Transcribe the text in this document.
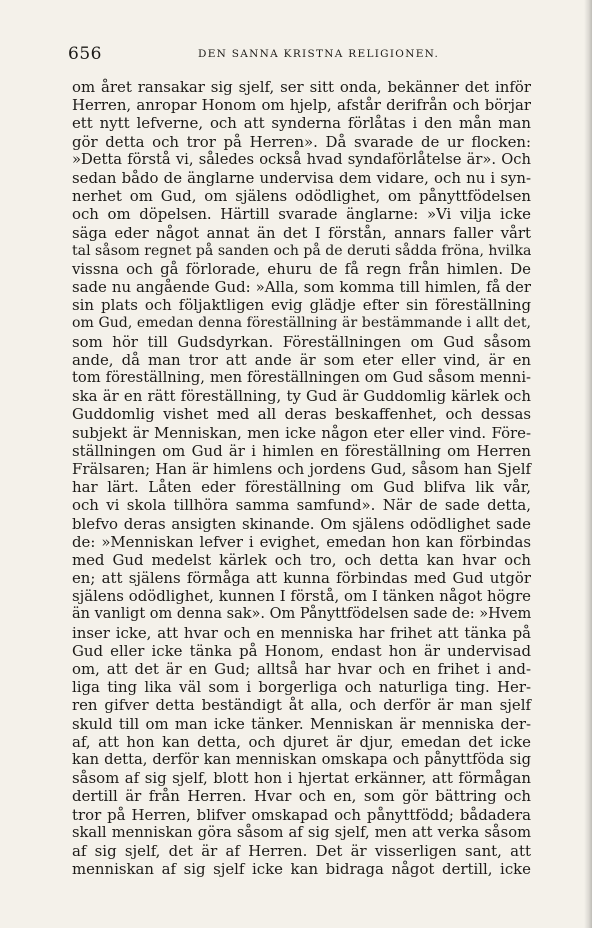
656	DEN SANNA KRISTNA RELIGIONEN.
om året ransakar sig sjelf, ser sitt onda, bekänner det inför
Herren, anropar Honom om hjelp, afstår derifrån och börjar
ett nytt lefverne, och att synderna förlåtas i den mån man
gör detta och tror på Herren». Då svarade de ur flocken:
»Detta förstå vi, således också hvad syndaförlåtelse är». Och
sedan bådo de änglarne undervisa dem vidare, och nu i syn-
nerhet om Gud, om själens odödlighet, om pånyttfödelsen
och om döpelsen. Härtill svarade änglarne: »Vi vilja icke
säga eder något annat än det I förstån, annars faller vårt
tal såsom regnet på sanden och på de deruti sådda fröna, hvilka
vissna och gå förlorade, ehuru de få regn från himlen. De
sade nu angående Gud: »Alla, som komma till himlen, få der
sin plats och följaktligen evig glädje efter sin föreställning
om Gud, emedan denna föreställning är bestämmande i allt det,
som hör till Gudsdyrkan. Föreställningen om Gud såsom
ande, då man tror att ande är som eter eller vind, är en
tom föreställning, men föreställningen om Gud såsom menni-
ska är en rätt föreställning, ty Gud är Guddomlig kärlek och
Guddomlig vishet med all deras beskaffenhet, och dessas
subjekt är Menniskan, men icke någon eter eller vind. Före-
ställningen om Gud är i himlen en föreställning om Herren
Frälsaren; Han är himlens och jordens Gud, såsom han Sjelf
har lärt. Låten eder föreställning om Gud blifva lik vår,
och vi skola tillhöra samma samfund». När de sade detta,
blefvo deras ansigten skinande. Om själens odödlighet sade
de: »Menniskan lefver i evighet, emedan hon kan förbindas
med Gud medelst kärlek och tro, och detta kan hvar och
en; att själens förmåga att kunna förbindas med Gud utgör
själens odödlighet, kunnen I förstå, om I tänken något högre
än vanligt om denna sak». Om Pånyttfödelsen sade de: »Hvem
inser icke, att hvar och en menniska har frihet att tänka på
Gud eller icke tänka på Honom, endast hon är undervisad
om, att det är en Gud; alltså har hvar och en frihet i and-
liga ting lika väl som i borgerliga och naturliga ting. Her-
ren gifver detta beständigt åt alla, och derför är man sjelf
skuld till om man icke tänker. Menniskan är menniska der-
af, att hon kan detta, och djuret är djur, emedan det icke
kan detta, derför kan menniskan omskapa och pånyttföda sig
såsom af sig sjelf, blott hon i hjertat erkänner, att förmågan
dertill är från Herren. Hvar och en, som gör bättring och
tror på Herren, blifver omskapad och pånyttfödd; bådadera
skall menniskan göra såsom af sig sjelf, men att verka såsom
af sig sjelf, det är af Herren. Det är visserligen sant, att
menniskan af sig sjelf icke kan bidraga något dertill, icke
